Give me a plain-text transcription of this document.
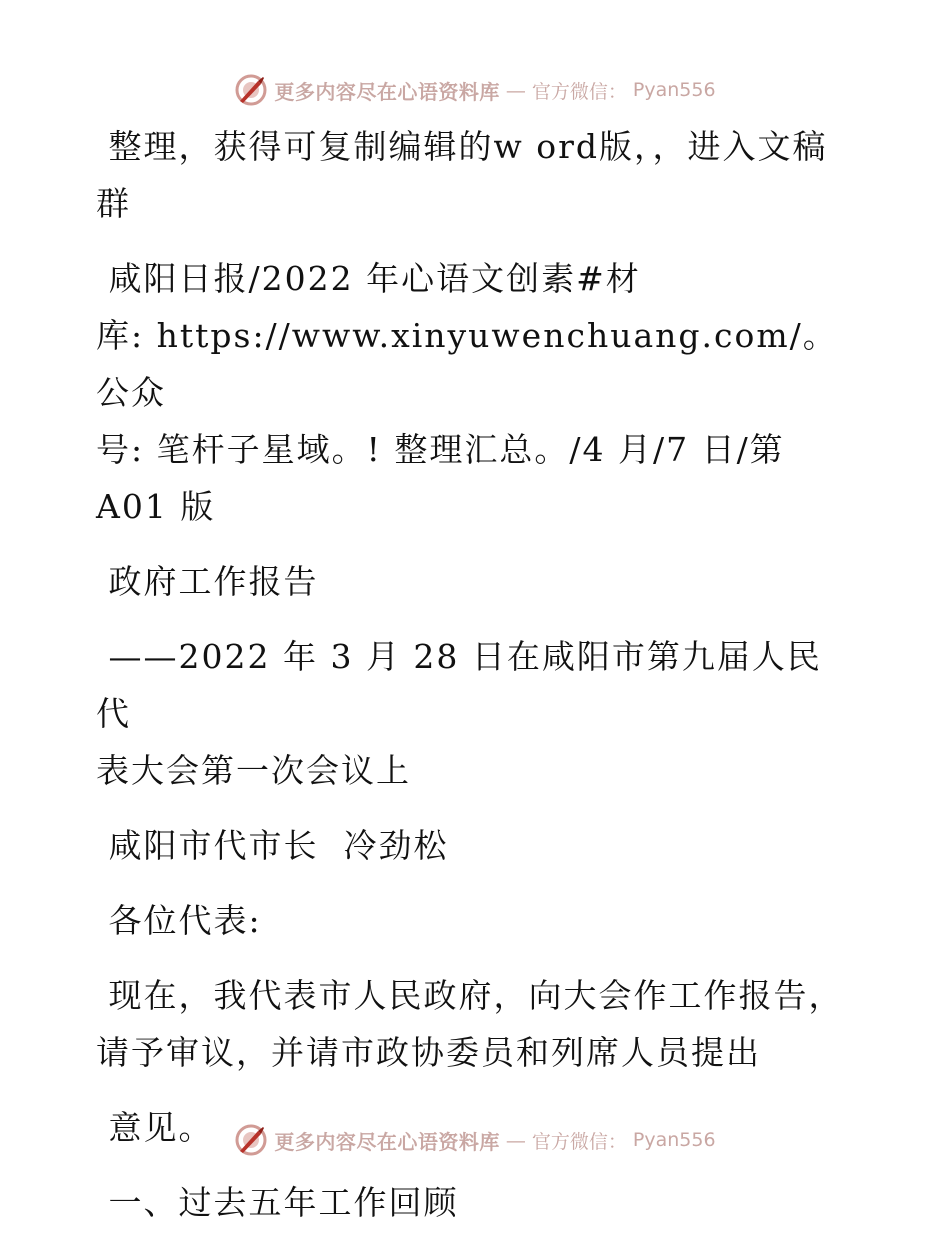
更多内容尽在心语资料库 — 官方微信： Pyan556

整理，获得可复制编辑的w ord版，，进入文稿
群

咸阳日报/2022 年心语文创素#材
库: https://www.xinyuwenchuang.com/。公众
号: 笔杆子星域。! 整理汇总。/4 月/7 日/第
A01 版

政府工作报告

——2022 年 3 月 28 日在咸阳市第九届人民代
表大会第一次会议上

咸阳市代市长  冷劲松

各位代表:

现在，我代表市人民政府，向大会作工作报告，
请予审议，并请市政协委员和列席人员提出

意见。

一、过去五年工作回顾

更多内容尽在心语资料库 — 官方微信： Pyan556
